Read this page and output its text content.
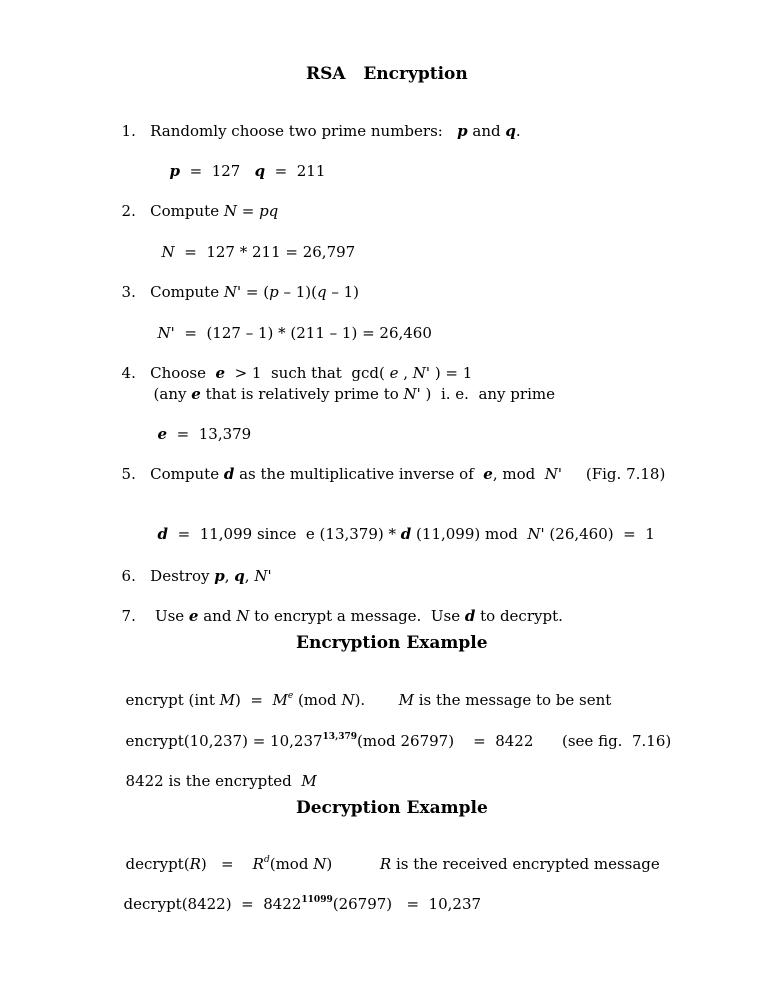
RSA   Encryption

1. Randomly choose two prime numbers:   p and q.

p  =  127   q  =  211

2. Compute N = pq

N  =  127 * 211 = 26,797

3. Compute N' = (p – 1)(q – 1)

N'  =  (127 – 1) * (211 – 1) = 26,460

4. Choose  e  > 1  such that  gcd( e , N' ) = 1

(any e that is relatively prime to N' )  i. e.  any prime

e  =  13,379

5. Compute d as the multiplicative inverse of  e, mod  N'     (Fig. 7.18)

d  =  11,099 since  e (13,379) * d (11,099) mod  N' (26,460)  =  1

6. Destroy p, q, N'

7. Use e and N to encrypt a message.  Use d to decrypt.

Encryption Example

encrypt (int M)  =  Me (mod N).       M is the message to be sent

encrypt(10,237) = $10,237^{13,379}(mod$ 26797)    =  8422      (see fig.  7.16)

8422 is the encrypted  M

Decryption Example

decrypt(R)   =    $R^d(mod$ N)          R is the received encrypted message

decrypt(8422)  =  $8422^{11099}(26797) = 10,237$
